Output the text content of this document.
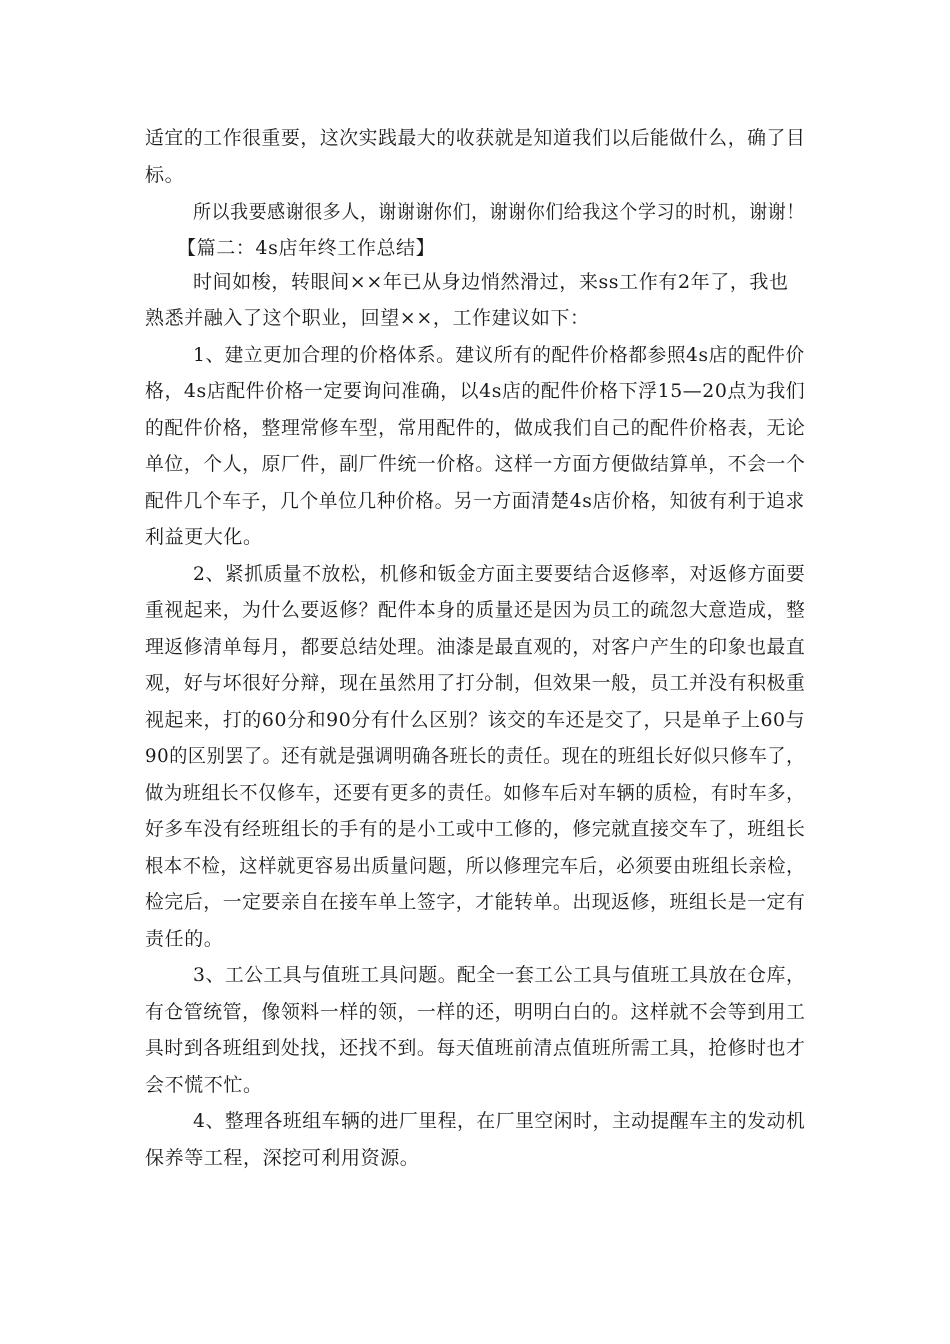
适宜的工作很重要，这次实践最大的收获就是知道我们以后能做什么，确了目
标。
所以我要感谢很多人，谢谢谢你们，谢谢你们给我这个学习的时机，谢谢！
【篇二：4s店年终工作总结】
时间如梭，转眼间××年已从身边悄然滑过，来ss工作有2年了，我也
熟悉并融入了这个职业，回望××，工作建议如下：
1、建立更加合理的价格体系。建议所有的配件价格都参照4s店的配件价
格，4s店配件价格一定要询问准确，以4s店的配件价格下浮15—20点为我们
的配件价格，整理常修车型，常用配件的，做成我们自己的配件价格表，无论
单位，个人，原厂件，副厂件统一价格。这样一方面方便做结算单，不会一个
配件几个车子，几个单位几种价格。另一方面清楚4s店价格，知彼有利于追求
利益更大化。
2、紧抓质量不放松，机修和钣金方面主要要结合返修率，对返修方面要
重视起来，为什么要返修？配件本身的质量还是因为员工的疏忽大意造成，整
理返修清单每月，都要总结处理。油漆是最直观的，对客户产生的印象也最直
观，好与坏很好分辩，现在虽然用了打分制，但效果一般，员工并没有积极重
视起来，打的60分和90分有什么区别？该交的车还是交了，只是单子上60与
90的区别罢了。还有就是强调明确各班长的责任。现在的班组长好似只修车了，
做为班组长不仅修车，还要有更多的责任。如修车后对车辆的质检，有时车多，
好多车没有经班组长的手有的是小工或中工修的，修完就直接交车了，班组长
根本不检，这样就更容易出质量问题，所以修理完车后，必须要由班组长亲检，
检完后，一定要亲自在接车单上签字，才能转单。出现返修，班组长是一定有
责任的。
3、工公工具与值班工具问题。配全一套工公工具与值班工具放在仓库，
有仓管统管，像领料一样的领，一样的还，明明白白的。这样就不会等到用工
具时到各班组到处找，还找不到。每天值班前清点值班所需工具，抢修时也才
会不慌不忙。
4、整理各班组车辆的进厂里程，在厂里空闲时，主动提醒车主的发动机
保养等工程，深挖可利用资源。
